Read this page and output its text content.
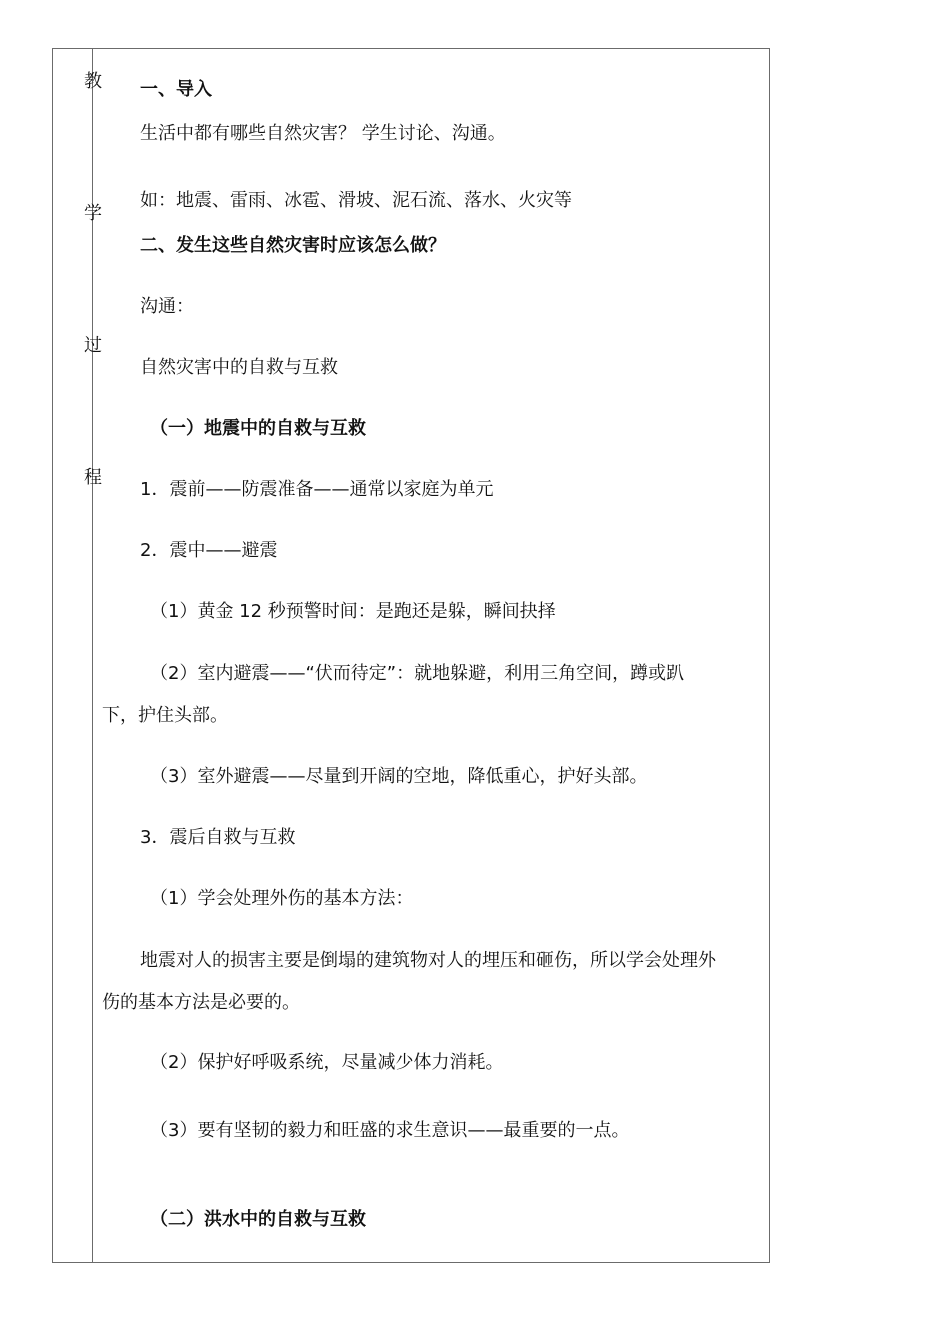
教
学
过
程
一、导入
生活中都有哪些自然灾害？ 学生讨论、沟通。
如：地震、雷雨、冰雹、滑坡、泥石流、落水、火灾等
二、发生这些自然灾害时应该怎么做？
沟通：
自然灾害中的自救与互救
（一）地震中的自救与互救
1．震前——防震准备——通常以家庭为单元
2．震中——避震
（1）黄金 12 秒预警时间：是跑还是躲，瞬间抉择
（2）室内避震——“伏而待定”：就地躲避，利用三角空间，蹲或趴
下，护住头部。
（3）室外避震——尽量到开阔的空地，降低重心，护好头部。
3．震后自救与互救
（1）学会处理外伤的基本方法：
地震对人的损害主要是倒塌的建筑物对人的埋压和砸伤，所以学会处理外
伤的基本方法是必要的。
（2）保护好呼吸系统，尽量减少体力消耗。
（3）要有坚韧的毅力和旺盛的求生意识——最重要的一点。
（二）洪水中的自救与互救
